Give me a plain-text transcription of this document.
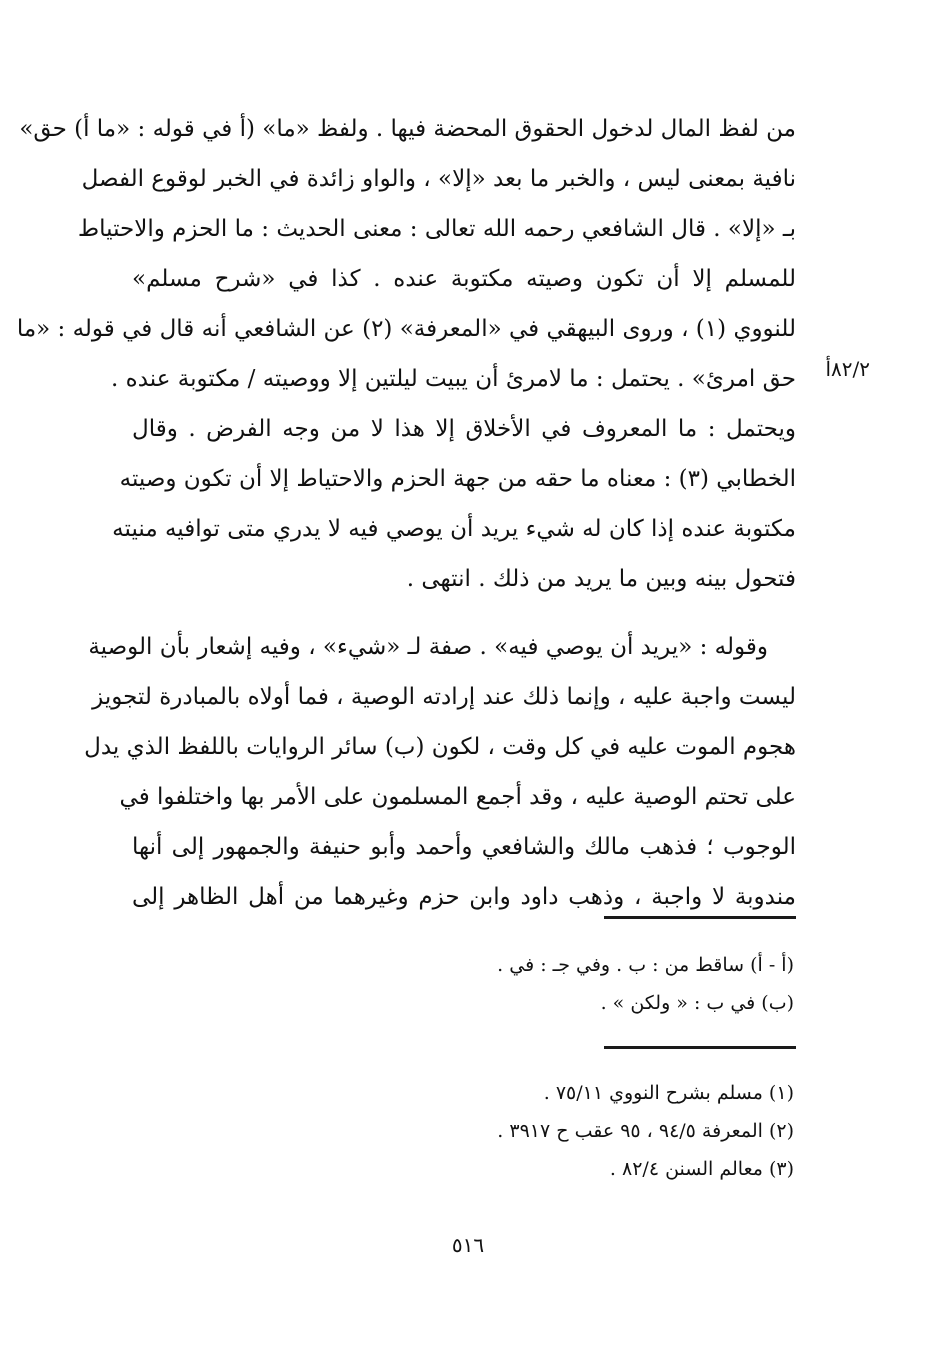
من لفظ المال لدخول الحقوق المحضة فيها . ولفظ «ما» (أ في قوله : «ما أ) حق»
نافية بمعنى ليس ، والخبر ما بعد «إلا» ، والواو زائدة في الخبر لوقوع الفصل
بـ «إلا» . قال الشافعي رحمه الله تعالى : معنى الحديث : ما الحزم والاحتياط
للمسلم إلا أن تكون وصيته مكتوبة عنده . كذا في «شرح مسلم»
للنووي (١) ، وروى البيهقي في «المعرفة» (٢) عن الشافعي أنه قال في قوله : «ما
حق امرئ» . يحتمل : ما لامرئ أن يبيت ليلتين إلا ووصيته / مكتوبة عنده .
ويحتمل : ما المعروف في الأخلاق إلا هذا لا من وجه الفرض . وقال
الخطابي (٣) : معناه ما حقه من جهة الحزم والاحتياط إلا أن تكون وصيته
مكتوبة عنده إذا كان له شيء يريد أن يوصي فيه لا يدري متى توافيه منيته
فتحول بينه وبين ما يريد من ذلك . انتهى .
وقوله : «يريد أن يوصي فيه» . صفة لـ «شيء» ، وفيه إشعار بأن الوصية
ليست واجبة عليه ، وإنما ذلك عند إرادته الوصية ، فما أولاه بالمبادرة لتجويز
هجوم الموت عليه في كل وقت ، لكون (ب) سائر الروايات باللفظ الذي يدل
على تحتم الوصية عليه ، وقد أجمع المسلمون على الأمر بها واختلفوا في
الوجوب ؛ فذهب مالك والشافعي وأحمد وأبو حنيفة والجمهور إلى أنها
مندوبة لا واجبة ، وذهب داود وابن حزم وغيرهما من أهل الظاهر إلى
٨٢/٢أ
(أ - أ) ساقط من : ب . وفي جـ : في .
(ب) في ب : « ولكن » .
(١) مسلم بشرح النووي ٧٥/١١ .
(٢) المعرفة ٩٤/٥ ، ٩٥ عقب ح ٣٩١٧ .
(٣) معالم السنن ٨٢/٤ .
٥١٦
